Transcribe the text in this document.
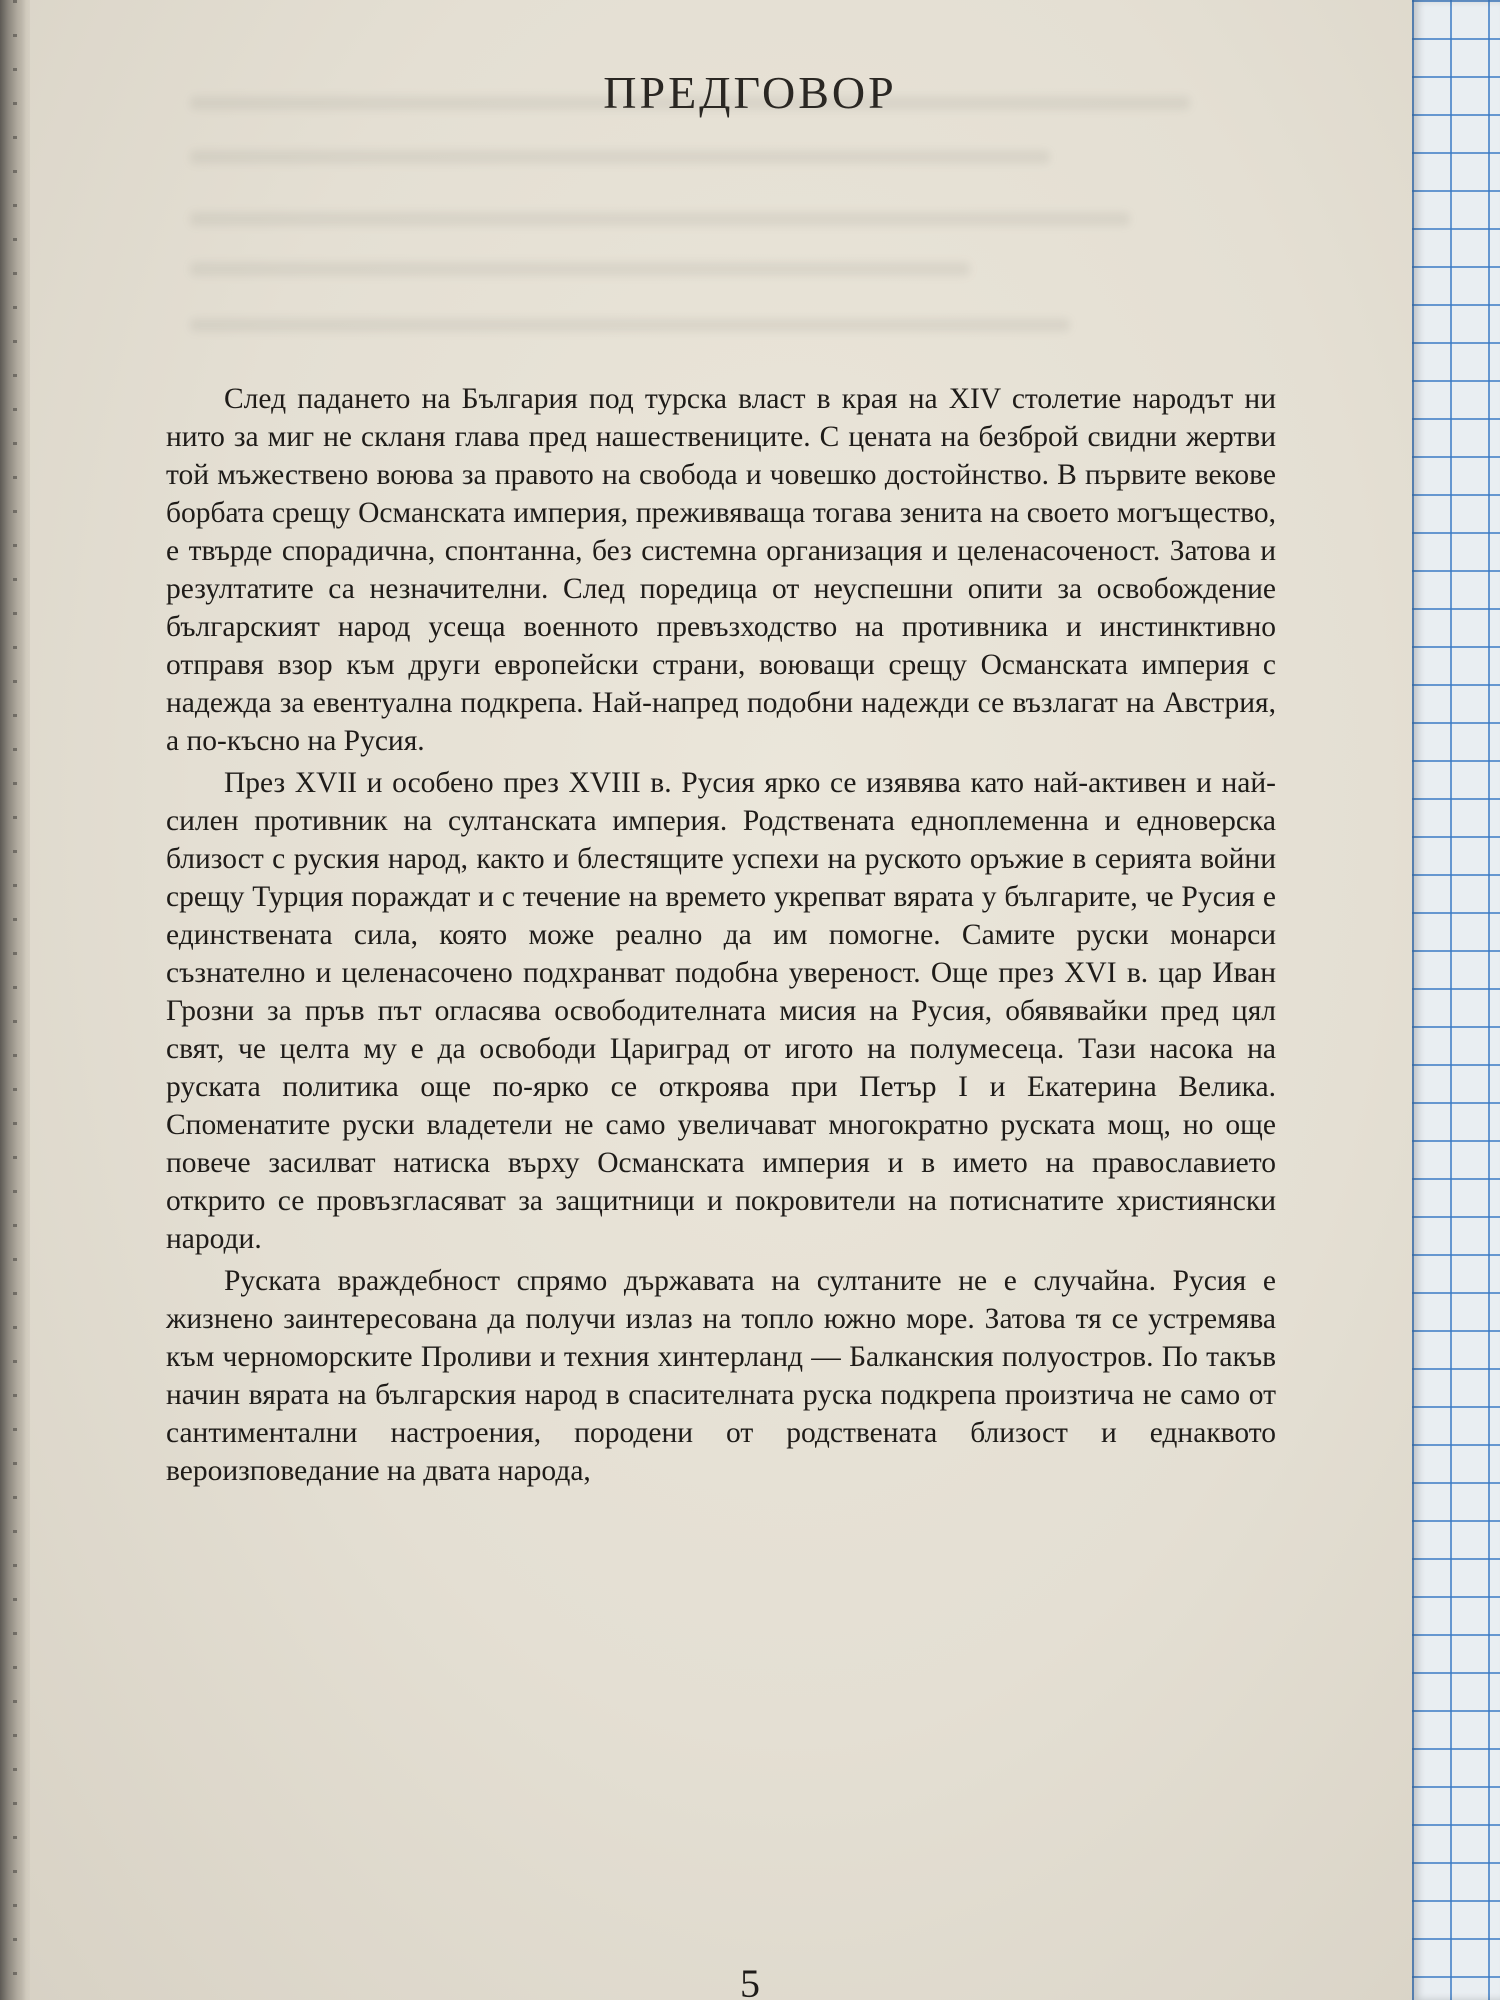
ПРЕДГОВОР

След падането на България под турска власт в края на XIV столетие народът ни нито за миг не скланя глава пред нашествениците. С цената на безброй свидни жертви той мъжествено воюва за правото на свобода и човешко достойнство. В първите векове борбата срещу Османската империя, преживяваща тогава зенита на своето могъщество, е твърде спорадична, спонтанна, без системна организация и целенасоченост. Затова и резултатите са незначителни. След поредица от неуспешни опити за освобождение българският народ усеща военното превъзходство на противника и инстинктивно отправя взор към други европейски страни, воюващи срещу Османската империя с надежда за евентуална подкрепа. Най-напред подобни надежди се възлагат на Австрия, а по-късно на Русия.

През XVII и особено през XVIII в. Русия ярко се изявява като най-активен и най-силен противник на султанската империя. Родствената едноплеменна и едноверска близост с руския народ, както и блестящите успехи на руското оръжие в серията войни срещу Турция пораждат и с течение на времето укрепват вярата у българите, че Русия е единствената сила, която може реално да им помогне. Самите руски монарси съзнателно и целенасочено подхранват подобна увереност. Още през XVI в. цар Иван Грозни за пръв път огласява освободителната мисия на Русия, обявявайки пред цял свят, че целта му е да освободи Цариград от игото на полумесеца. Тази насока на руската политика още по-ярко се откроява при Петър I и Екатерина Велика. Споменатите руски владетели не само увеличават многократно руската мощ, но още повече засилват натиска върху Османската империя и в името на православието открито се провъзгласяват за защитници и покровители на потиснатите християнски народи.

Руската враждебност спрямо държавата на султаните не е случайна. Русия е жизнено заинтересована да получи излаз на топло южно море. Затова тя се устремява към черноморските Проливи и техния хинтерланд — Балканския полуостров. По такъв начин вярата на българския народ в спасителната руска подкрепа произтича не само от сантиментални настроения, породени от родствената близост и еднаквото вероизповедание на двата народа,

5
